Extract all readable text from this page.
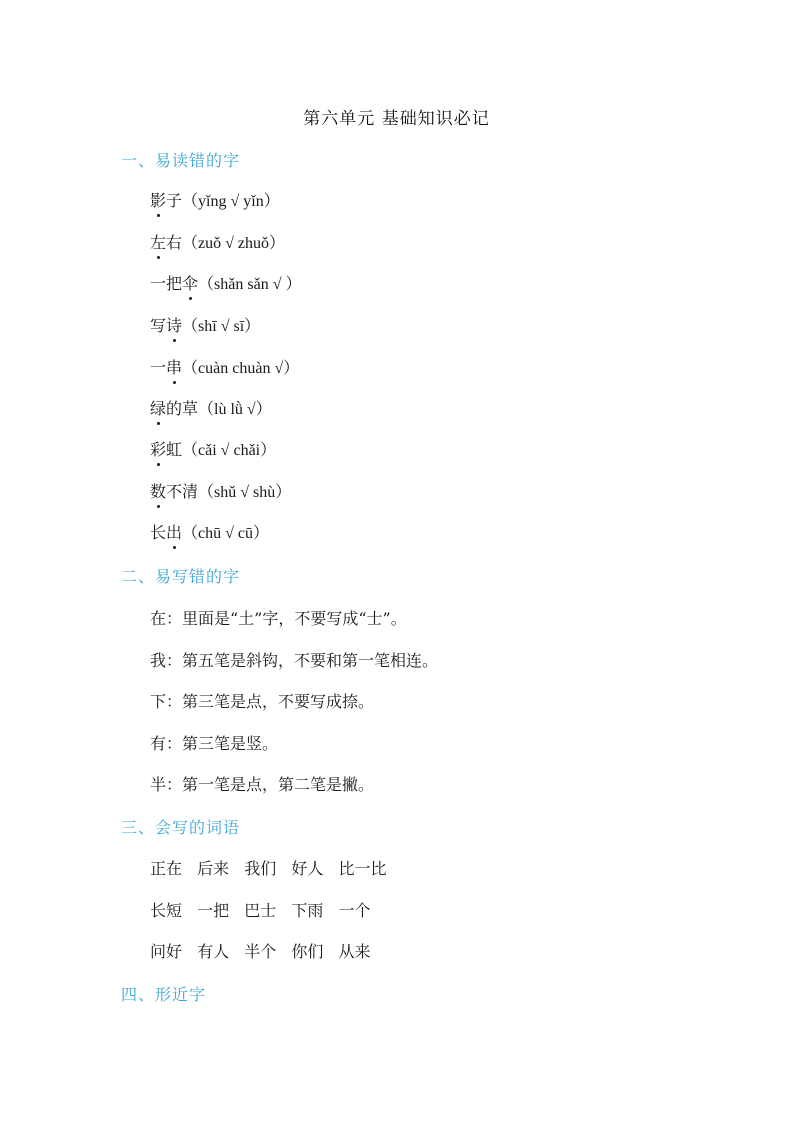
第六单元 基础知识必记
一、易读错的字
影子（yǐng √ yǐn）
左右（zuǒ √ zhuǒ）
一把伞（shǎn sǎn √ ）
写诗（shī √ sī）
一串（cuàn chuàn √）
绿的草（lù lǜ √）
彩虹（cǎi √ chǎi）
数不清（shǔ √ shù）
长出（chū √ cū）
二、易写错的字
在：里面是“土”字，不要写成“士”。
我：第五笔是斜钩，不要和第一笔相连。
下：第三笔是点，不要写成捺。
有：第三笔是竖。
半：第一笔是点，第二笔是撇。
三、会写的词语
正在 后来 我们 好人 比一比
长短 一把 巴士 下雨 一个
问好 有人 半个 你们 从来
四、形近字
